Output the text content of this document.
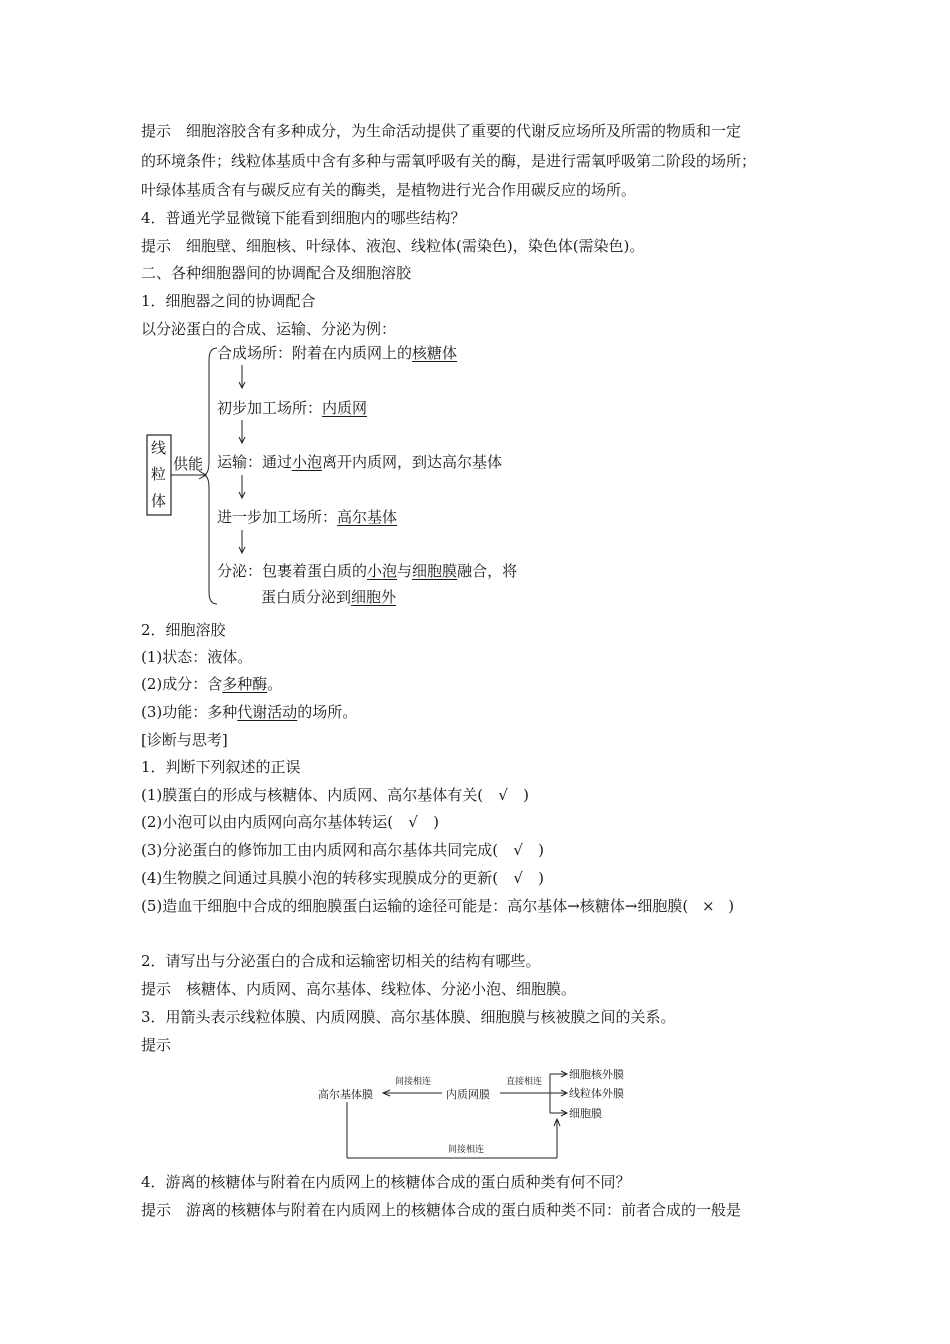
提示　细胞溶胶含有多种成分，为生命活动提供了重要的代谢反应场所及所需的物质和一定
的环境条件；线粒体基质中含有多种与需氧呼吸有关的酶，是进行需氧呼吸第二阶段的场所；
叶绿体基质含有与碳反应有关的酶类，是植物进行光合作用碳反应的场所。
4．普通光学显微镜下能看到细胞内的哪些结构？
提示　细胞壁、细胞核、叶绿体、液泡、线粒体(需染色)，染色体(需染色)。
二、各种细胞器间的协调配合及细胞溶胶
1．细胞器之间的协调配合
以分泌蛋白的合成、运输、分泌为例：
线
粒
体
供能
合成场所：附着在内质网上的核糖体
初步加工场所：内质网
运输：通过小泡离开内质网，到达高尔基体
进一步加工场所：高尔基体
分泌：包裹着蛋白质的小泡与细胞膜融合，将
蛋白质分泌到细胞外
2．细胞溶胶
(1)状态：液体。
(2)成分：含多种酶。
(3)功能：多种代谢活动的场所。
[诊断与思考]
1．判断下列叙述的正误
(1)膜蛋白的形成与核糖体、内质网、高尔基体有关( √ )
(2)小泡可以由内质网向高尔基体转运( √ )
(3)分泌蛋白的修饰加工由内质网和高尔基体共同完成( √ )
(4)生物膜之间通过具膜小泡的转移实现膜成分的更新( √ )
(5)造血干细胞中合成的细胞膜蛋白运输的途径可能是：高尔基体→核糖体→细胞膜( × )
2．请写出与分泌蛋白的合成和运输密切相关的结构有哪些。
提示　核糖体、内质网、高尔基体、线粒体、分泌小泡、细胞膜。
3．用箭头表示线粒体膜、内质网膜、高尔基体膜、细胞膜与核被膜之间的关系。
提示
高尔基体膜	内质网膜
间接相连	直接相连
细胞核外膜
线粒体外膜
细胞膜
间接相连
4．游离的核糖体与附着在内质网上的核糖体合成的蛋白质种类有何不同？
提示　游离的核糖体与附着在内质网上的核糖体合成的蛋白质种类不同：前者合成的一般是
